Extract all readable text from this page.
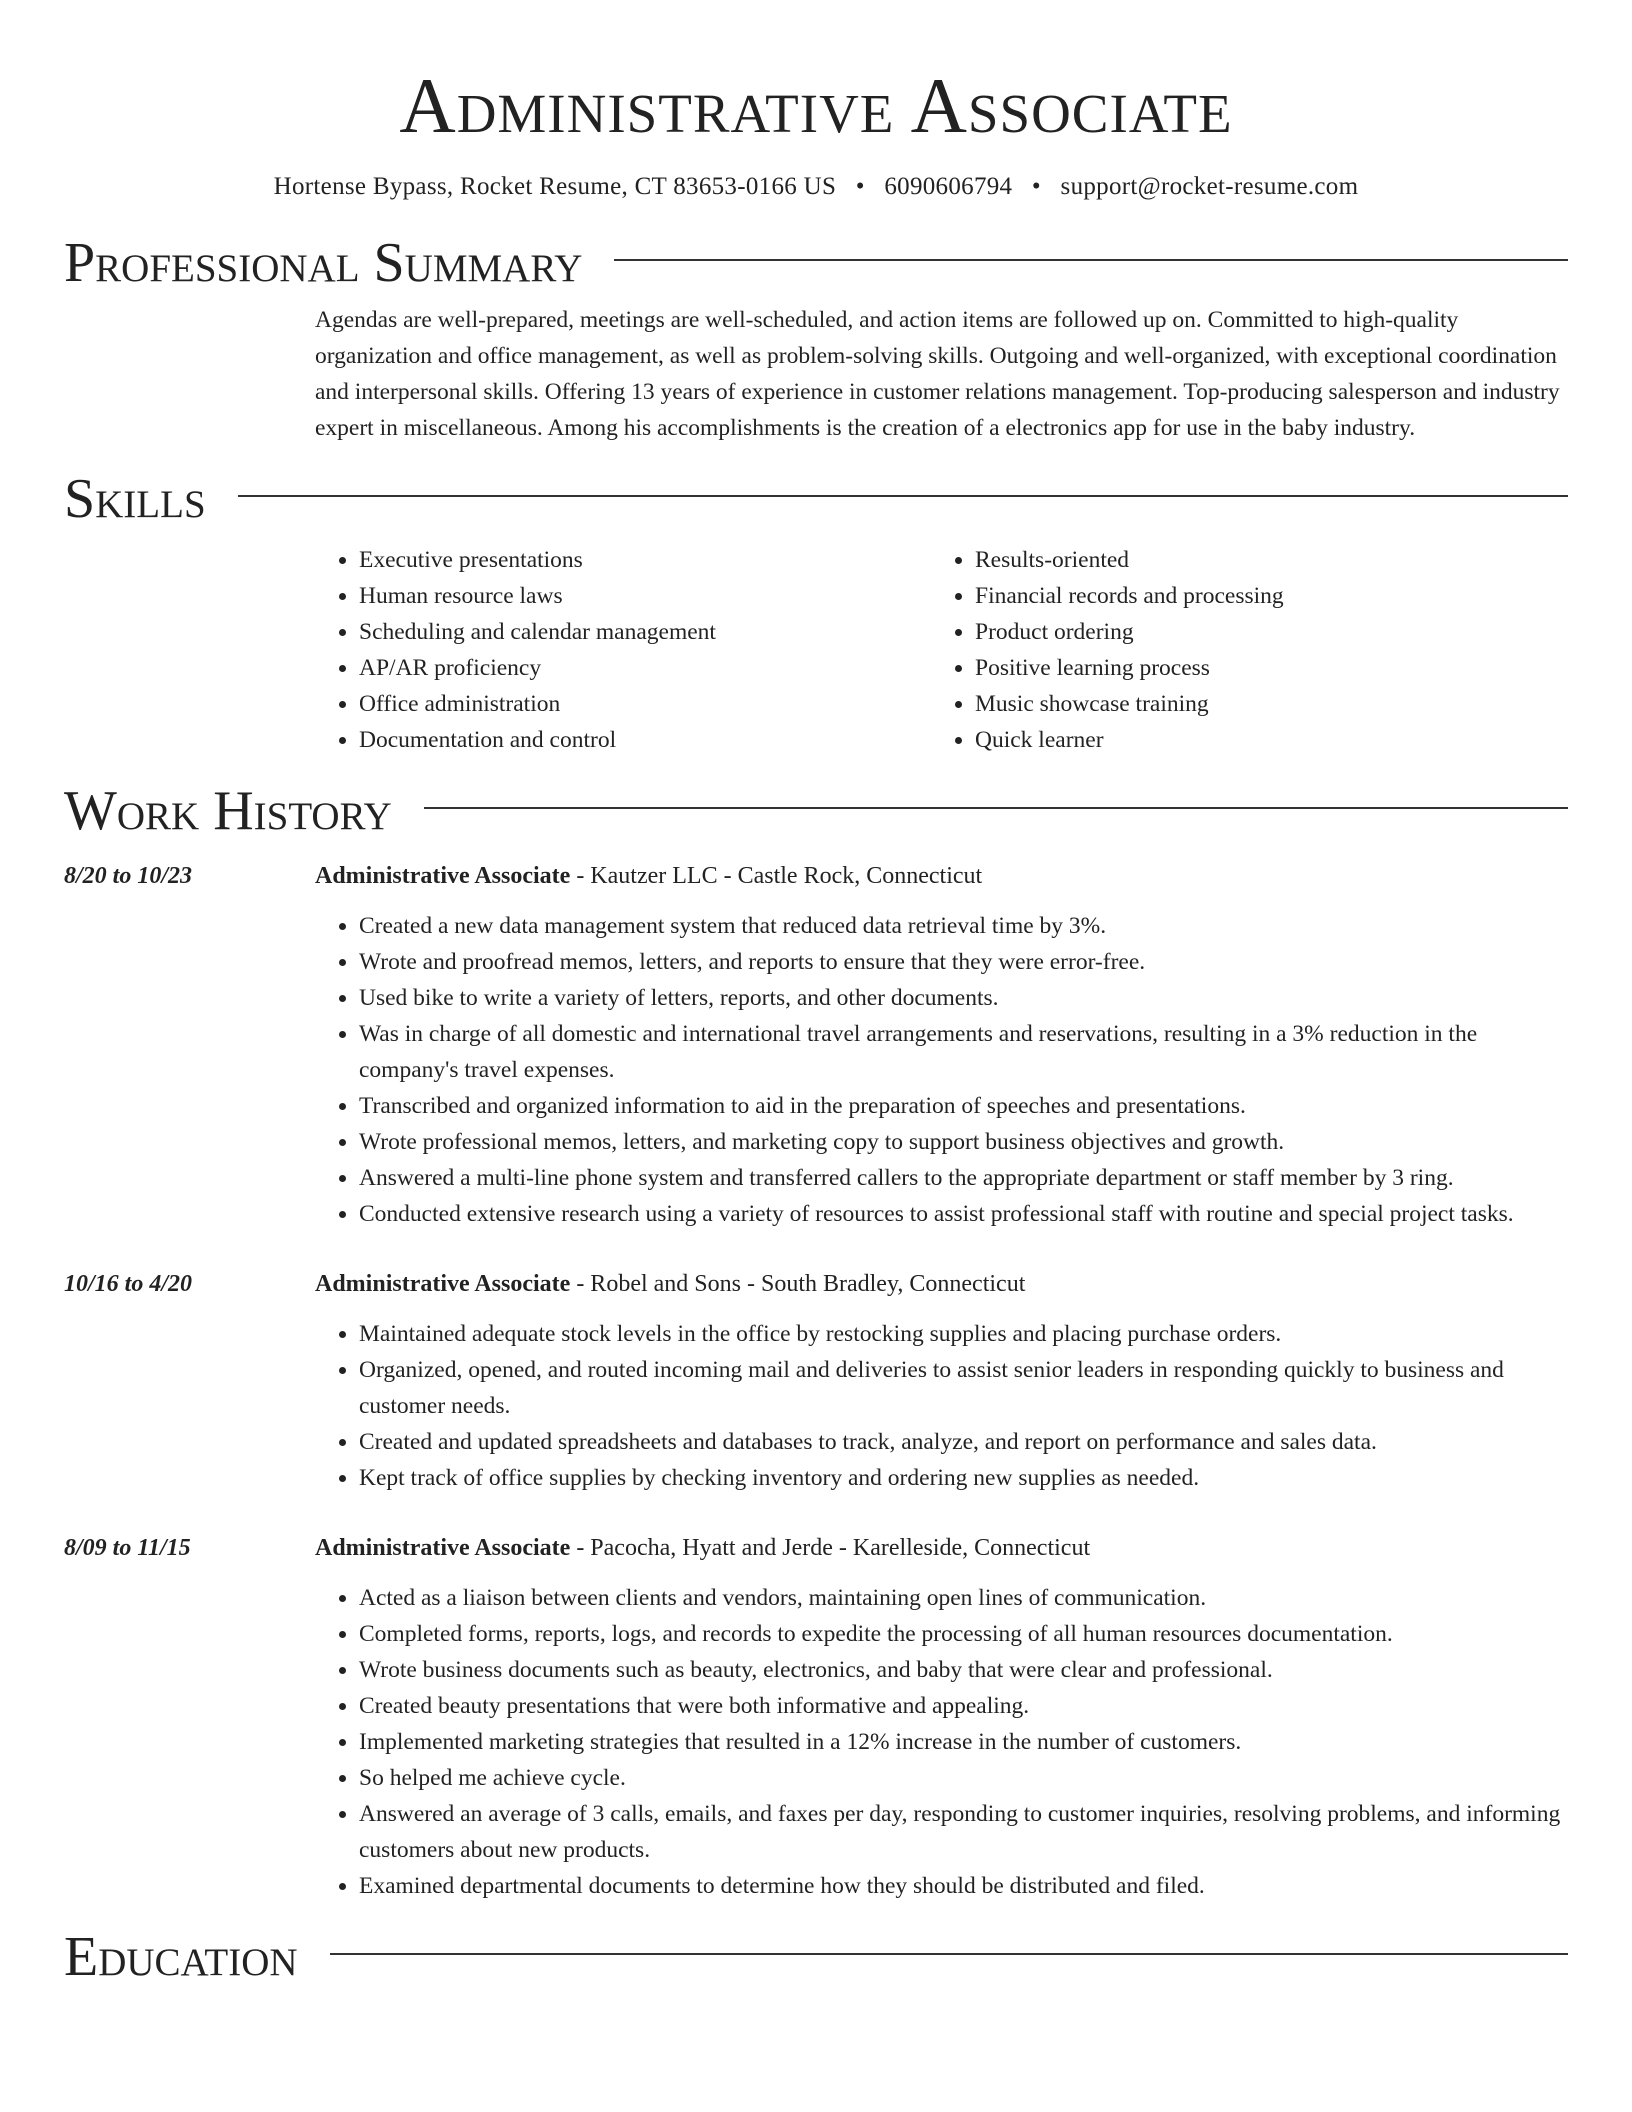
Administrative Associate
Hortense Bypass, Rocket Resume, CT 83653-0166 US • 6090606794 • support@rocket-resume.com
Professional Summary
Agendas are well-prepared, meetings are well-scheduled, and action items are followed up on. Committed to high-quality organization and office management, as well as problem-solving skills. Outgoing and well-organized, with exceptional coordination and interpersonal skills. Offering 13 years of experience in customer relations management. Top-producing salesperson and industry expert in miscellaneous. Among his accomplishments is the creation of a electronics app for use in the baby industry.
Skills
• Executive presentations
• Human resource laws
• Scheduling and calendar management
• AP/AR proficiency
• Office administration
• Documentation and control
• Results-oriented
• Financial records and processing
• Product ordering
• Positive learning process
• Music showcase training
• Quick learner
Work History
8/20 to 10/23	Administrative Associate - Kautzer LLC - Castle Rock, Connecticut
• Created a new data management system that reduced data retrieval time by 3%.
• Wrote and proofread memos, letters, and reports to ensure that they were error-free.
• Used bike to write a variety of letters, reports, and other documents.
• Was in charge of all domestic and international travel arrangements and reservations, resulting in a 3% reduction in the company's travel expenses.
• Transcribed and organized information to aid in the preparation of speeches and presentations.
• Wrote professional memos, letters, and marketing copy to support business objectives and growth.
• Answered a multi-line phone system and transferred callers to the appropriate department or staff member by 3 ring.
• Conducted extensive research using a variety of resources to assist professional staff with routine and special project tasks.
10/16 to 4/20	Administrative Associate - Robel and Sons - South Bradley, Connecticut
• Maintained adequate stock levels in the office by restocking supplies and placing purchase orders.
• Organized, opened, and routed incoming mail and deliveries to assist senior leaders in responding quickly to business and customer needs.
• Created and updated spreadsheets and databases to track, analyze, and report on performance and sales data.
• Kept track of office supplies by checking inventory and ordering new supplies as needed.
8/09 to 11/15	Administrative Associate - Pacocha, Hyatt and Jerde - Karelleside, Connecticut
• Acted as a liaison between clients and vendors, maintaining open lines of communication.
• Completed forms, reports, logs, and records to expedite the processing of all human resources documentation.
• Wrote business documents such as beauty, electronics, and baby that were clear and professional.
• Created beauty presentations that were both informative and appealing.
• Implemented marketing strategies that resulted in a 12% increase in the number of customers.
• So helped me achieve cycle.
• Answered an average of 3 calls, emails, and faxes per day, responding to customer inquiries, resolving problems, and informing customers about new products.
• Examined departmental documents to determine how they should be distributed and filed.
Education
